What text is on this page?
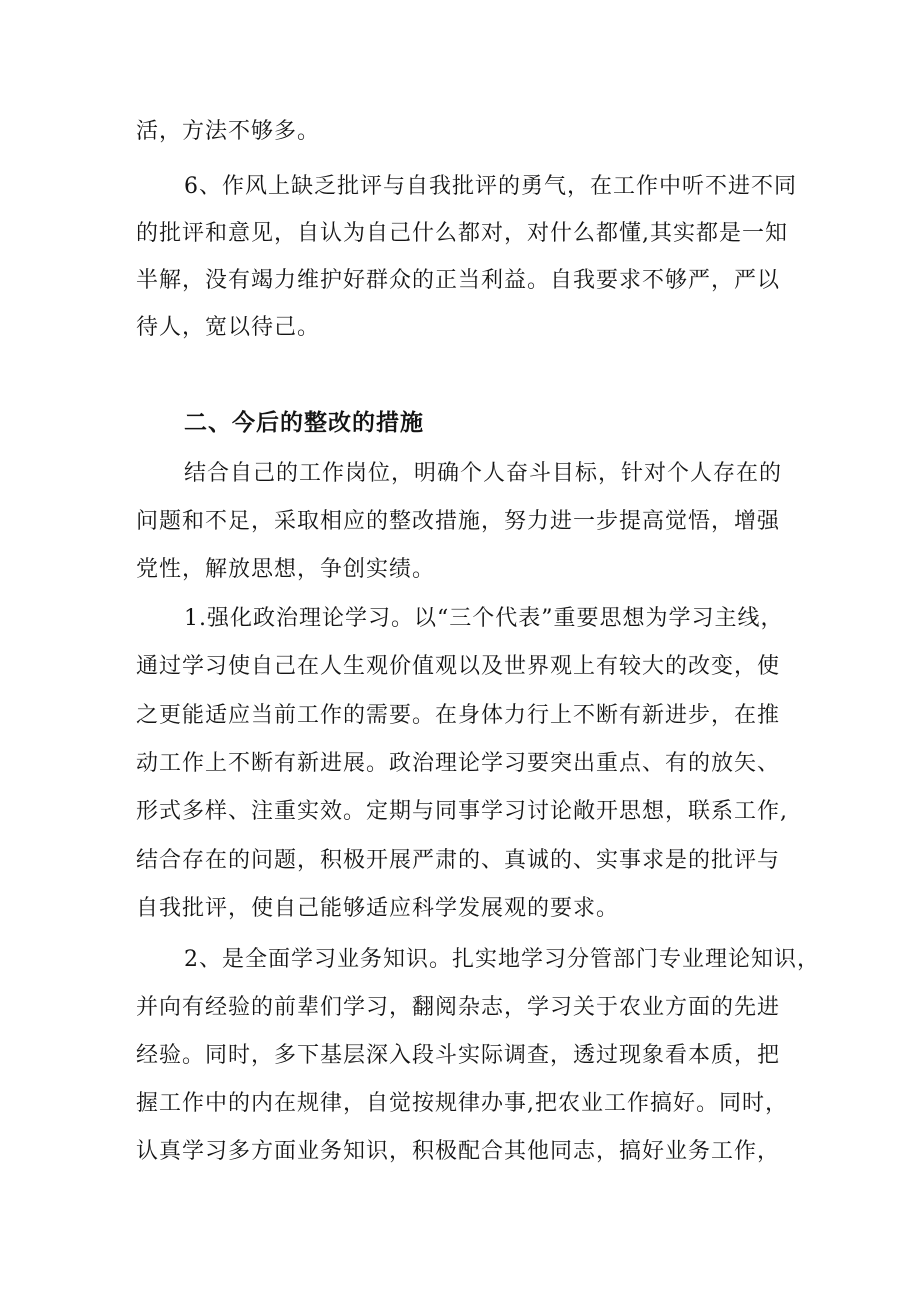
活，方法不够多。
6、作风上缺乏批评与自我批评的勇气，在工作中听不进不同
的批评和意见，自认为自己什么都对，对什么都懂,其实都是一知
半解，没有竭力维护好群众的正当利益。自我要求不够严，严以
待人，宽以待己。
二、今后的整改的措施
结合自己的工作岗位，明确个人奋斗目标，针对个人存在的
问题和不足，采取相应的整改措施，努力进一步提高觉悟，增强
党性，解放思想，争创实绩。
1.强化政治理论学习。以“三个代表”重要思想为学习主线，
通过学习使自己在人生观价值观以及世界观上有较大的改变，使
之更能适应当前工作的需要。在身体力行上不断有新进步，在推
动工作上不断有新进展。政治理论学习要突出重点、有的放矢、
形式多样、注重实效。定期与同事学习讨论敞开思想，联系工作,
结合存在的问题，积极开展严肃的、真诚的、实事求是的批评与
自我批评，使自己能够适应科学发展观的要求。
2、是全面学习业务知识。扎实地学习分管部门专业理论知识，
并向有经验的前辈们学习，翻阅杂志，学习关于农业方面的先进
经验。同时，多下基层深入段斗实际调查，透过现象看本质，把
握工作中的内在规律，自觉按规律办事,把农业工作搞好。同时，
认真学习多方面业务知识，积极配合其他同志，搞好业务工作，
